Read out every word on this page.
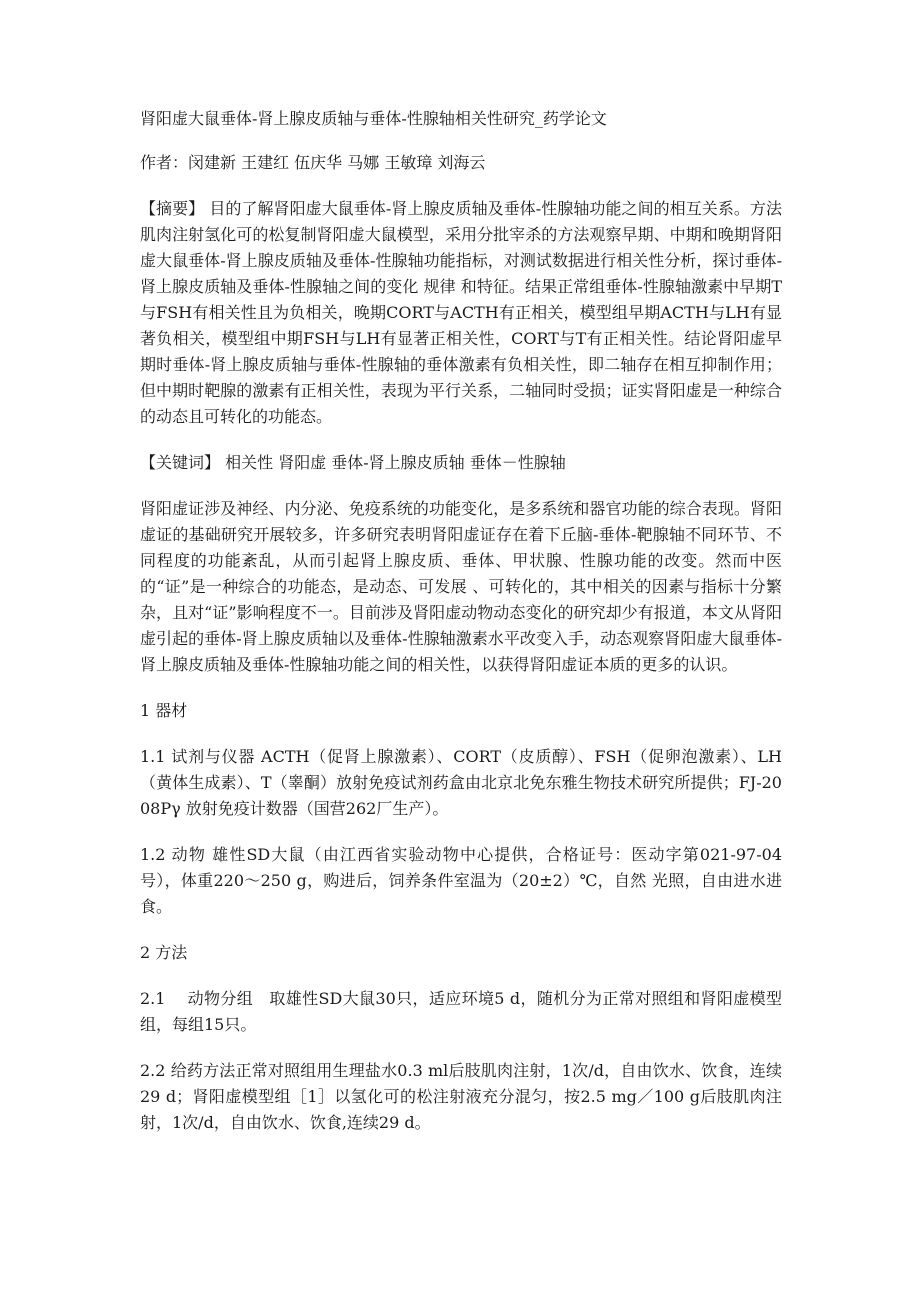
肾阳虚大鼠垂体-肾上腺皮质轴与垂体-性腺轴相关性研究_药学论文

作者：闵建新 王建红 伍庆华 马娜 王敏璋 刘海云

【摘要】 目的了解肾阳虚大鼠垂体-肾上腺皮质轴及垂体-性腺轴功能之间的相互关系。方法肌肉注射氢化可的松复制肾阳虚大鼠模型，采用分批宰杀的方法观察早期、中期和晚期肾阳虚大鼠垂体-肾上腺皮质轴及垂体-性腺轴功能指标，对测试数据进行相关性分析，探讨垂体-肾上腺皮质轴及垂体-性腺轴之间的变化 规律 和特征。结果正常组垂体-性腺轴激素中早期T与FSH有相关性且为负相关，晚期CORT与ACTH有正相关，模型组早期ACTH与LH有显著负相关，模型组中期FSH与LH有显著正相关性，CORT与T有正相关性。结论肾阳虚早期时垂体-肾上腺皮质轴与垂体-性腺轴的垂体激素有负相关性，即二轴存在相互抑制作用；但中期时靶腺的激素有正相关性，表现为平行关系，二轴同时受损；证实肾阳虚是一种综合的动态且可转化的功能态。

【关键词】 相关性 肾阳虚 垂体-肾上腺皮质轴 垂体－性腺轴

肾阳虚证涉及神经、内分泌、免疫系统的功能变化，是多系统和器官功能的综合表现。肾阳虚证的基础研究开展较多，许多研究表明肾阳虚证存在着下丘脑-垂体-靶腺轴不同环节、不同程度的功能紊乱，从而引起肾上腺皮质、垂体、甲状腺、性腺功能的改变。然而中医的“证”是一种综合的功能态，是动态、可发展 、可转化的，其中相关的因素与指标十分繁杂，且对“证”影响程度不一。目前涉及肾阳虚动物动态变化的研究却少有报道，本文从肾阳虚引起的垂体-肾上腺皮质轴以及垂体-性腺轴激素水平改变入手，动态观察肾阳虚大鼠垂体-肾上腺皮质轴及垂体-性腺轴功能之间的相关性，以获得肾阳虚证本质的更多的认识。

1 器材

1.1 试剂与仪器 ACTH（促肾上腺激素）、CORT（皮质醇）、FSH（促卵泡激素）、LH（黄体生成素）、T（睾酮）放射免疫试剂药盒由北京北免东雅生物技术研究所提供；FJ-2008Pγ 放射免疫计数器（国营262厂生产）。

1.2 动物 雄性SD大鼠（由江西省实验动物中心提供，合格证号：医动字第021-97-04号），体重220～250 g，购进后，饲养条件室温为（20±2）℃，自然 光照，自由进水进食。

2 方法

2.1　 动物分组　取雄性SD大鼠30只，适应环境5 d，随机分为正常对照组和肾阳虚模型组，每组15只。

2.2 给药方法正常对照组用生理盐水0.3 ml后肢肌肉注射，1次/d，自由饮水、饮食，连续29 d；肾阳虚模型组［1］以氢化可的松注射液充分混匀，按2.5 mg／100 g后肢肌肉注射，1次/d，自由饮水、饮食,连续29 d。
